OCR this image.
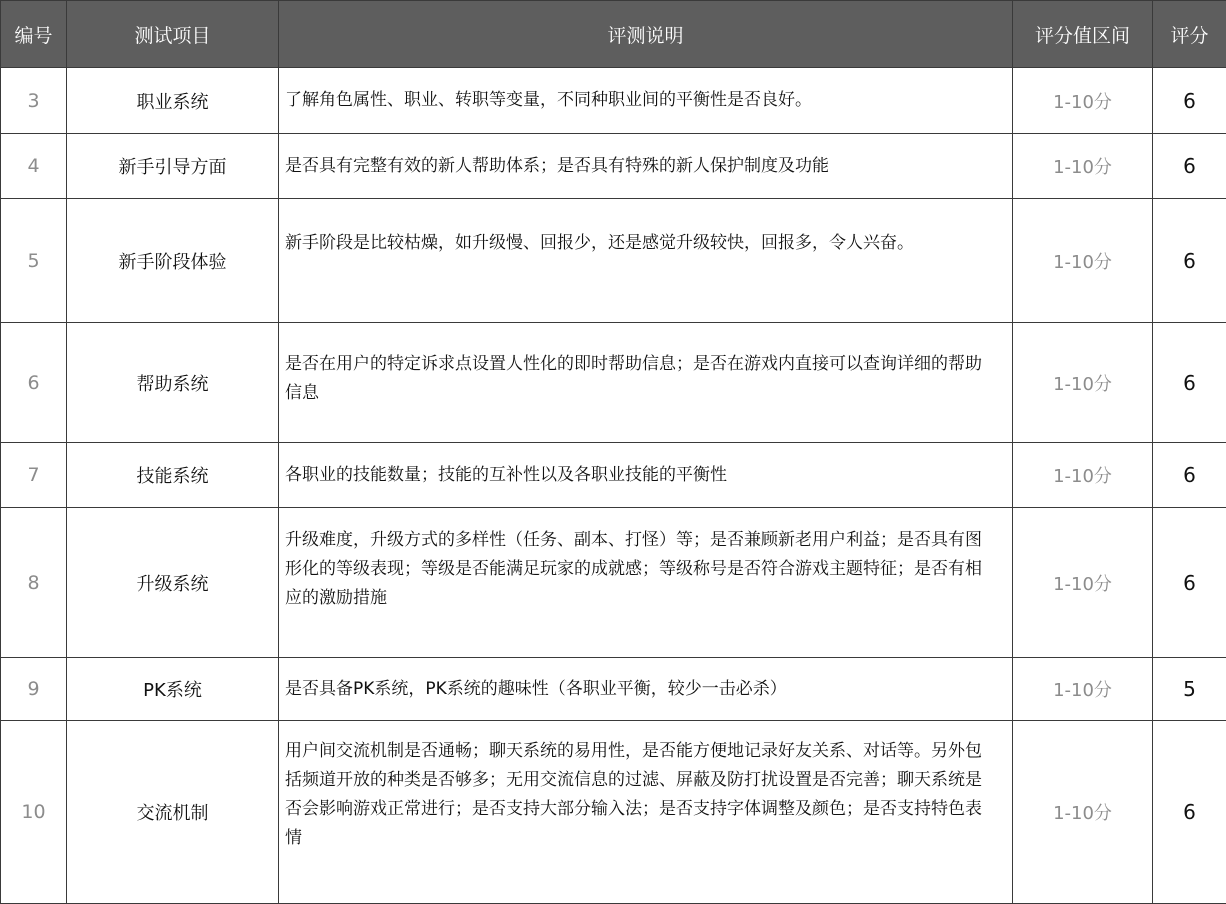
编号	测试项目	评测说明	评分值区间	评分
3	职业系统	了解角色属性、职业、转职等变量，不同种职业间的平衡性是否良好。	1-10分	6
4	新手引导方面	是否具有完整有效的新人帮助体系；是否具有特殊的新人保护制度及功能	1-10分	6
5	新手阶段体验	新手阶段是比较枯燥，如升级慢、回报少，还是感觉升级较快，回报多，令人兴奋。	1-10分	6
6	帮助系统	是否在用户的特定诉求点设置人性化的即时帮助信息；是否在游戏内直接可以查询详细的帮助信息	1-10分	6
7	技能系统	各职业的技能数量；技能的互补性以及各职业技能的平衡性	1-10分	6
8	升级系统	升级难度，升级方式的多样性（任务、副本、打怪）等；是否兼顾新老用户利益；是否具有图形化的等级表现；等级是否能满足玩家的成就感；等级称号是否符合游戏主题特征；是否有相应的激励措施	1-10分	6
9	PK系统	是否具备PK系统，PK系统的趣味性（各职业平衡，较少一击必杀）	1-10分	5
10	交流机制	用户间交流机制是否通畅；聊天系统的易用性，是否能方便地记录好友关系、对话等。另外包括频道开放的种类是否够多；无用交流信息的过滤、屏蔽及防打扰设置是否完善；聊天系统是否会影响游戏正常进行；是否支持大部分输入法；是否支持字体调整及颜色；是否支持特色表情	1-10分	6
